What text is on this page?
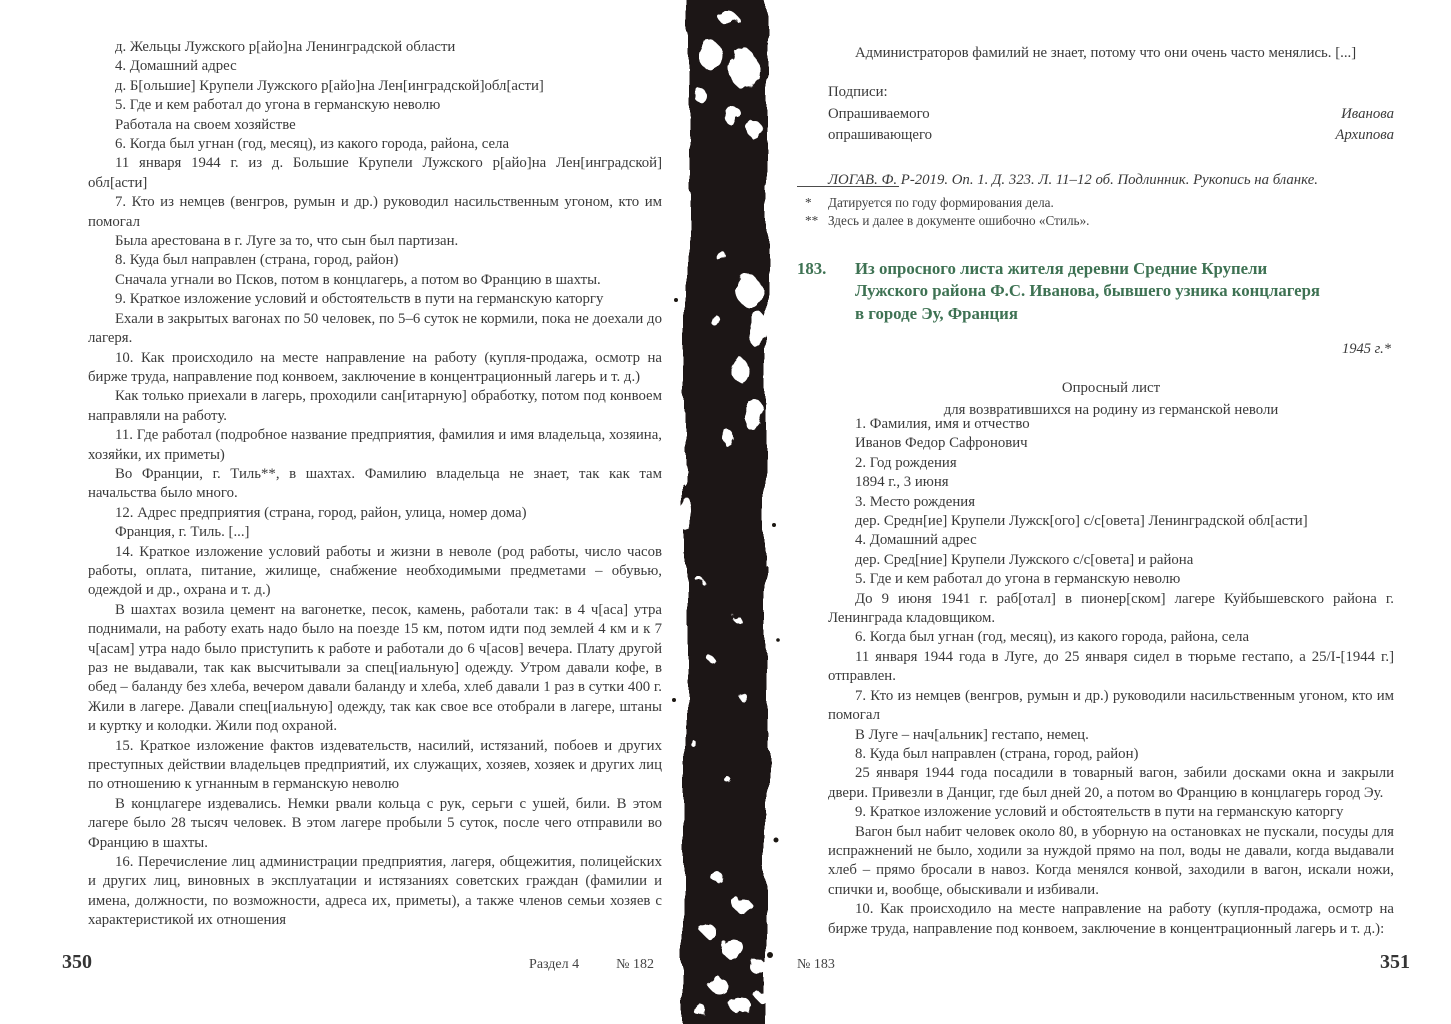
д. Жельцы Лужского р[айо]на Ленинградской области

4. Домашний адрес

д. Б[ольшие] Крупели Лужского р[айо]на Лен[инградской]обл[асти]

5. Где и кем работал до угона в германскую неволю

Работала на своем хозяйстве

6. Когда был угнан (год, месяц), из какого города, района, села

11 января 1944 г. из д. Большие Крупели Лужского р[айо]на Лен[инградской] обл[асти]

7. Кто из немцев (венгров, румын и др.) руководил насильственным угоном, кто им помогал

Была арестована в г. Луге за то, что сын был партизан.

8. Куда был направлен (страна, город, район)

Сначала угнали во Псков, потом в концлагерь, а потом во Францию в шахты.

9. Краткое изложение условий и обстоятельств в пути на германскую каторгу

Ехали в закрытых вагонах по 50 человек, по 5–6 суток не кормили, пока не доехали до лагеря.

10. Как происходило на месте направление на работу (купля-продажа, осмотр на бирже труда, направление под конвоем, заключение в концентрационный лагерь и т. д.)

Как только приехали в лагерь, проходили сан[итарную] обработку, потом под конвоем направляли на работу.

11. Где работал (подробное название предприятия, фамилия и имя владельца, хозяина, хозяйки, их приметы)

Во Франции, г. Тиль**, в шахтах. Фамилию владельца не знает, так как там начальства было много.

12. Адрес предприятия (страна, город, район, улица, номер дома)

Франция, г. Тиль. [...]

14. Краткое изложение условий работы и жизни в неволе (род работы, число часов работы, оплата, питание, жилище, снабжение необходимыми предметами – обувью, одеждой и др., охрана и т. д.)

В шахтах возила цемент на вагонетке, песок, камень, работали так: в 4 ч[аса] утра поднимали, на работу ехать надо было на поезде 15 км, потом идти под землей 4 км и к 7 ч[асам] утра надо было приступить к работе и работали до 6 ч[асов] вечера. Плату другой раз не выдавали, так как высчитывали за спец[иальную] одежду. Утром давали кофе, в обед – баланду без хлеба, вечером давали баланду и хлеба, хлеб давали 1 раз в сутки 400 г. Жили в лагере. Давали спец[иальную] одежду, так как свое все отобрали в лагере, штаны и куртку и колодки. Жили под охраной.

15. Краткое изложение фактов издевательств, насилий, истязаний, побоев и других преступных действии владельцев предприятий, их служащих, хозяев, хозяек и других лиц по отношению к угнанным в германскую неволю

В концлагере издевались. Немки рвали кольца с рук, серьги с ушей, били. В этом лагере было 28 тысяч человек. В этом лагере пробыли 5 суток, после чего отправили во Францию в шахты.

16. Перечисление лиц администрации предприятия, лагеря, общежития, полицейских и других лиц, виновных в эксплуатации и истязаниях советских граждан (фамилии и имена, должности, по возможности, адреса их, приметы), а также членов семьи хозяев с характеристикой их отношения

350	Раздел 4	№ 182

Администраторов фамилий не знает, потому что они очень часто менялись. [...]

Подписи:
Опрашиваемого	Иванова
опрашивающего	Архипова

ЛОГАВ. Ф. Р-2019. Оп. 1. Д. 323. Л. 11–12 об. Подлинник. Рукопись на бланке.

*	Датируется по году формирования дела.
** Здесь и далее в документе ошибочно «Стиль».
183.	Из опросного листа жителя деревни Средние Крупели
Лужского района Ф.С. Иванова, бывшего узника концлагеря
в городе Эу, Франция
1945 г.*
Опросный лист
для возвратившихся на родину из германской неволи

1. Фамилия, имя и отчество

Иванов Федор Сафронович

2. Год рождения

1894 г., 3 июня

3. Место рождения

дер. Средн[ие] Крупели Лужск[ого] с/с[овета] Ленинградской обл[асти]

4. Домашний адрес

дер. Сред[ние] Крупели Лужского с/с[овета] и района

5. Где и кем работал до угона в германскую неволю

До 9 июня 1941 г. раб[отал] в пионер[ском] лагере Куйбышевского района г. Ленинграда кладовщиком.

6. Когда был угнан (год, месяц), из какого города, района, села

11 января 1944 года в Луге, до 25 января сидел в тюрьме гестапо, а 25/I-[1944 г.] отправлен.

7. Кто из немцев (венгров, румын и др.) руководили насильственным угоном, кто им помогал

В Луге – нач[альник] гестапо, немец.

8. Куда был направлен (страна, город, район)

25 января 1944 года посадили в товарный вагон, забили досками окна и закрыли двери. Привезли в Данциг, где был дней 20, а потом во Францию в концлагерь город Эу.

9. Краткое изложение условий и обстоятельств в пути на германскую каторгу

Вагон был набит человек около 80, в уборную на остановках не пускали, посуды для испражнений не было, ходили за нуждой прямо на пол, воды не давали, когда выдавали хлеб – прямо бросали в навоз. Когда менялся конвой, заходили в вагон, искали ножи, спички и, вообще, обыскивали и избивали.

10. Как происходило на месте направление на работу (купля-продажа, осмотр на бирже труда, направление под конвоем, заключение в концентрационный лагерь и т. д.):

№ 183	351
